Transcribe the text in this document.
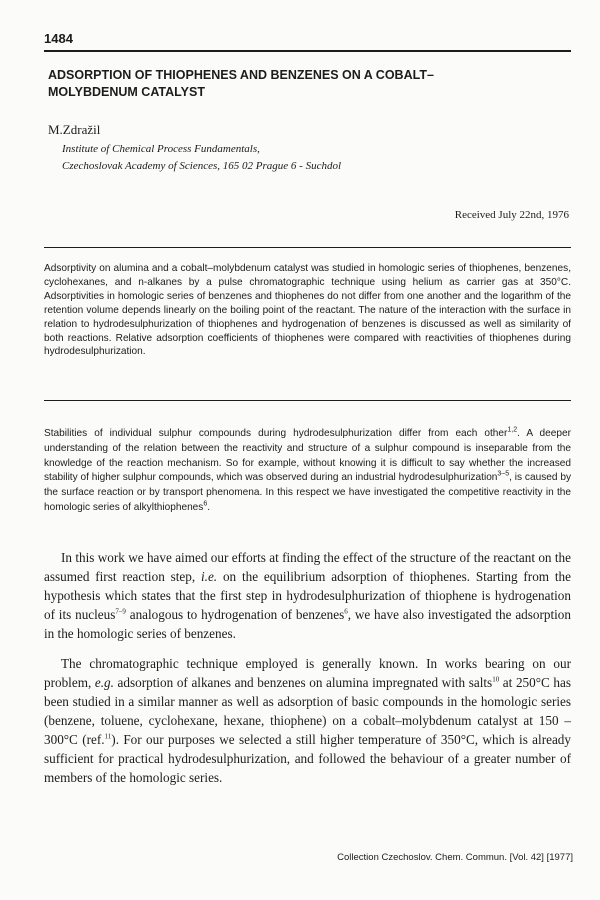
1484
ADSORPTION OF THIOPHENES AND BENZENES ON A COBALT–MOLYBDENUM CATALYST
M.Zdražil
Institute of Chemical Process Fundamentals,
Czechoslovak Academy of Sciences, 165 02 Prague 6 - Suchdol
Received July 22nd, 1976

Adsorptivity on alumina and a cobalt–molybdenum catalyst was studied in homologic series of thiophenes, benzenes, cyclohexanes, and n-alkanes by a pulse chromatographic technique using helium as carrier gas at 350°C. Adsorptivities in homologic series of benzenes and thiophenes do not differ from one another and the logarithm of the retention volume depends linearly on the boiling point of the reactant. The nature of the interaction with the surface in relation to hydrodesulphurization of thiophenes and hydrogenation of benzenes is discussed as well as similarity of both reactions. Relative adsorption coefficients of thiophenes were compared with reactivities of thiophenes during hydrodesulphurization.

Stabilities of individual sulphur compounds during hydrodesulphurization differ from each other$^{1,2}$. A deeper understanding of the relation between the reactivity and structure of a sulphur compound is inseparable from the knowledge of the reaction mechanism. So for example, without knowing it is difficult to say whether the increased stability of higher sulphur compounds, which was observed during an industrial hydrodesulphurization$^{3-5}$, is caused by the surface reaction or by transport phenomena. In this respect we have investigated the competitive reactivity in the homologic series of alkylthiophenes$^6$.

In this work we have aimed our efforts at finding the effect of the structure of the reactant on the assumed first reaction step, i.e. on the equilibrium adsorption of thiophenes. Starting from the hypothesis which states that the first step in hydrodesulphurization of thiophene is hydrogenation of its nucleus$^{7-9}$ analogous to hydrogenation of benzenes$^6$, we have also investigated the adsorption in the homologic series of benzenes.

The chromatographic technique employed is generally known. In works bearing on our problem, e.g. adsorption of alkanes and benzenes on alumina impregnated with salts$^{10}$ at 250°C has been studied in a similar manner as well as adsorption of basic compounds in the homologic series (benzene, toluene, cyclohexane, hexane, thiophene) on a cobalt–molybdenum catalyst at 150 – 300°C (ref.$^{11}$). For our purposes we selected a still higher temperature of 350°C, which is already sufficient for practical hydrodesulphurization, and followed the behaviour of a greater number of members of the homologic series.

Collection Czechoslov. Chem. Commun. [Vol. 42] [1977]
